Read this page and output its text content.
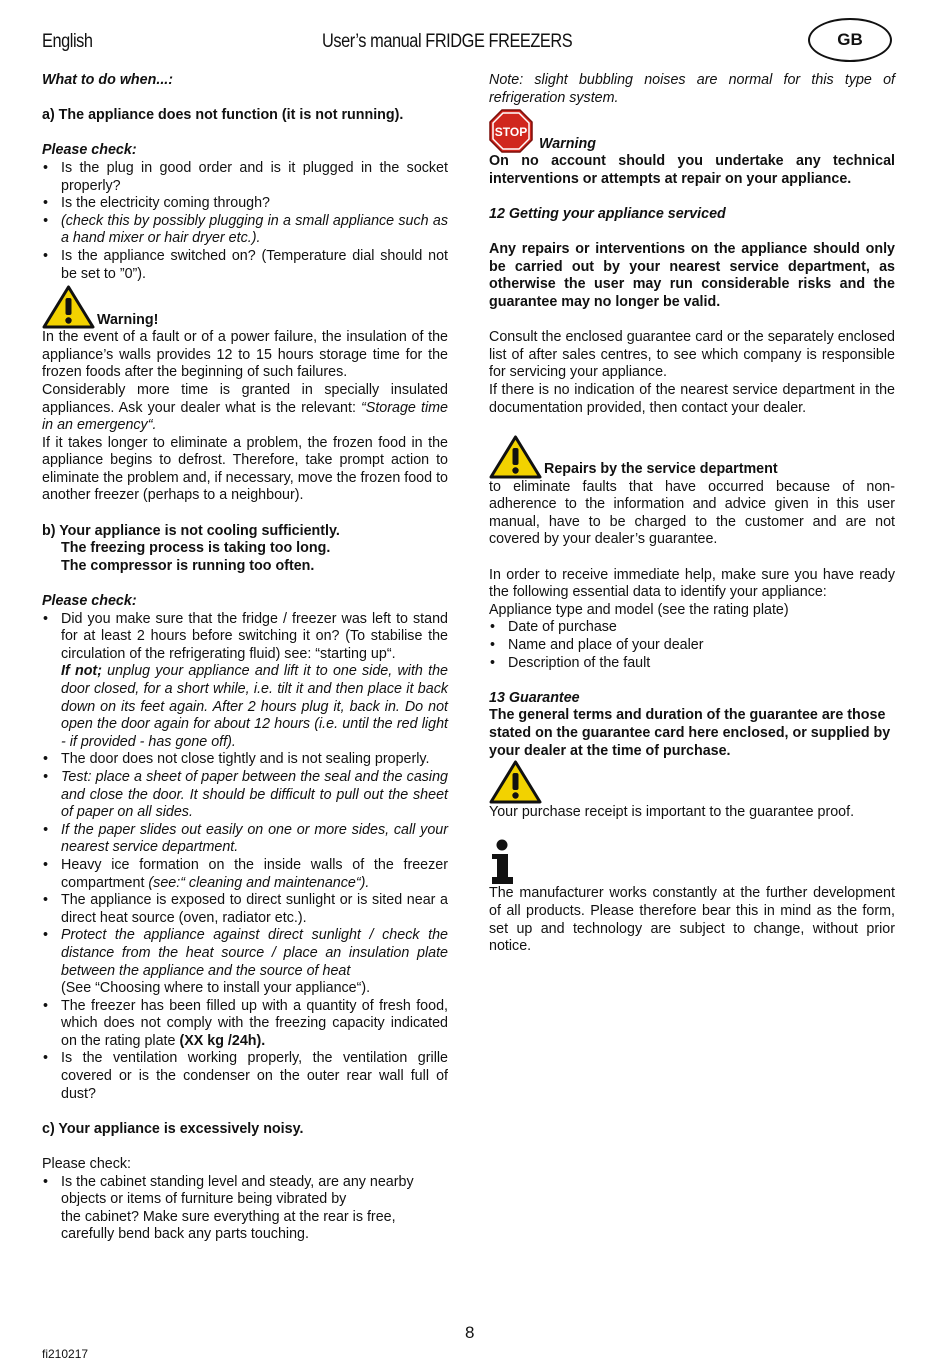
English	User’s manual FRIDGE FREEZERS	GB

What to do when...:

a) The appliance does not function (it is not running).

Please check:

• Is the plug in good order and is it plugged in the socket properly?
• Is the electricity coming through?
• (check this by possibly plugging in a small appliance such as a hand mixer or hair dryer etc.).
• Is the appliance switched on? (Temperature dial should not be set to ”0”).
Warning!

In the event of a fault or of a power failure, the insulation of the appliance’s walls provides 12 to 15 hours storage time for the frozen foods after the beginning of such failures.

Considerably more time is granted in specially insulated appliances. Ask your dealer what is the relevant: “Storage time in an emergency“.

If it takes longer to eliminate a problem, the frozen food in the appliance begins to defrost. Therefore, take prompt action to eliminate the problem and, if necessary, move the frozen food to another freezer (perhaps to a neighbour).

b) Your appliance is not cooling sufficiently.

The freezing process is taking too long.

The compressor is running too often.

Please check:

• Did you make sure that the fridge / freezer was left to stand for at least 2 hours before switching it on? (To stabilise the circulation of the refrigerating fluid) see: “starting up“.
If not; unplug your appliance and lift it to one side, with the door closed, for a short while, i.e. tilt it and then place it back down on its feet again. After 2 hours plug it, back in. Do not open the door again for about 12 hours (i.e. until the red light - if provided - has gone off).
• The door does not close tightly and is not sealing properly.
• Test: place a sheet of paper between the seal and the casing and close the door. It should be difficult to pull out the sheet of paper on all sides.
• If the paper slides out easily on one or more sides, call your nearest service department.
• Heavy ice formation on the inside walls of the freezer compartment (see:“ cleaning and maintenance“).
• The appliance is exposed to direct sunlight or is sited near a direct heat source (oven, radiator etc.).
• Protect the appliance against direct sunlight / check the distance from the heat source / place an insulation plate between the appliance and the source of heat
(See “Choosing where to install your appliance“).
• The freezer has been filled up with a quantity of fresh food, which does not comply with the freezing capacity indicated on the rating plate (XX kg /24h).
• Is the ventilation working properly, the ventilation grille covered or is the condenser on the outer rear wall full of dust?

c) Your appliance is excessively noisy.

Please check:

• Is the cabinet standing level and steady, are any nearby objects or items of furniture being vibrated by
the cabinet? Make sure everything at the rear is free, carefully bend back any parts touching.

Note: slight bubbling noises are normal for this type of refrigeration system.

STOP
Warning

On no account should you undertake any technical interventions or attempts at repair on your appliance.

12 Getting your appliance serviced

Any repairs or interventions on the appliance should only be carried out by your nearest service department, as otherwise the user may run considerable risks and the guarantee may no longer be valid.

Consult the enclosed guarantee card or the separately enclosed list of after sales centres, to see which company is responsible for servicing your appliance.

If there is no indication of the nearest service department in the documentation provided, then contact your dealer.

Repairs by the service department

to eliminate faults that have occurred because of non-adherence to the information and advice given in this user manual, have to be charged to the customer and are not covered by your dealer’s guarantee.

In order to receive immediate help, make sure you have ready the following essential data to identify your appliance:

Appliance type and model (see the rating plate)

• Date of purchase
• Name and place of your dealer
• Description of the fault

13 Guarantee

The general terms and duration of the guarantee are those stated on the guarantee card here enclosed, or supplied by your dealer at the time of purchase.

Your purchase receipt is important to the guarantee proof.

The manufacturer works constantly at the further development of all products. Please therefore bear this in mind as the form, set up and technology are subject to change, without prior notice.

8
fi210217
